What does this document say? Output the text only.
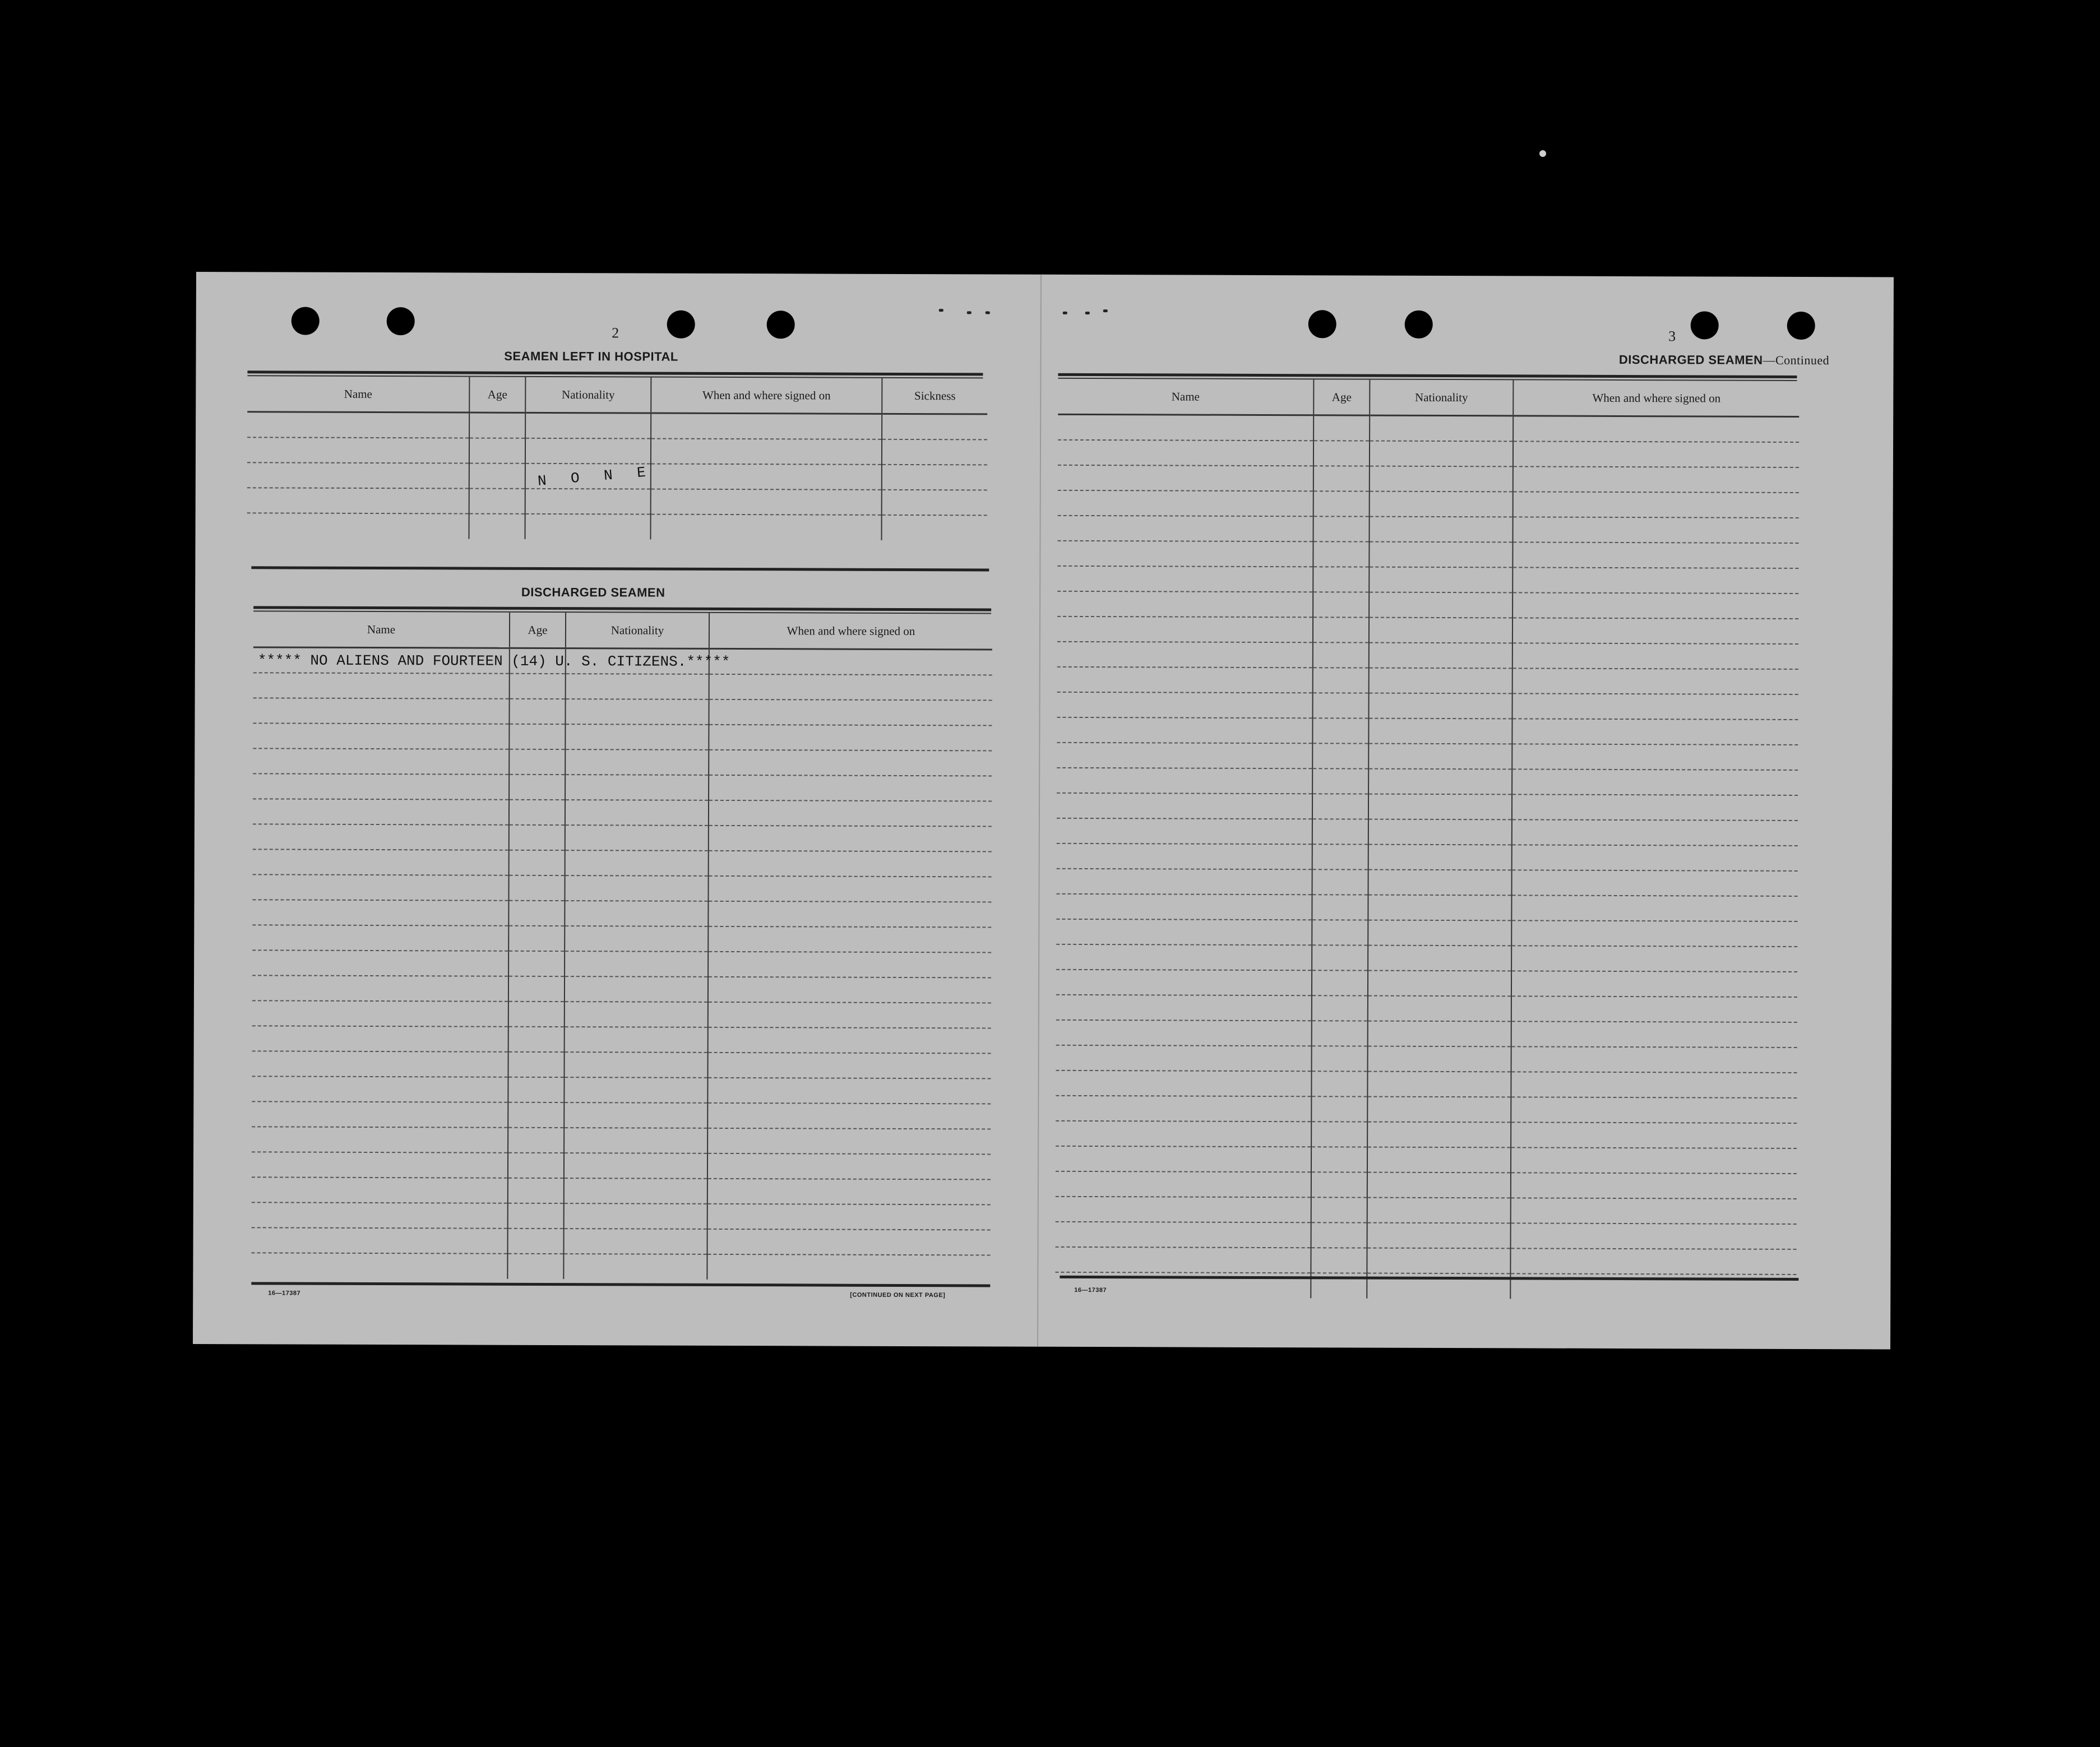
2
SEAMEN LEFT IN HOSPITAL
Name	Age	Nationality	When and where signed on	Sickness

N O N E
DISCHARGED SEAMEN
Name	Age	Nationality	When and where signed on

***** NO ALIENS AND FOURTEEN (14) U. S. CITIZENS.*****
16—17387	[CONTINUED ON NEXT PAGE]
3
DISCHARGED SEAMEN—Continued
Name	Age	Nationality	When and where signed on

16—17387
